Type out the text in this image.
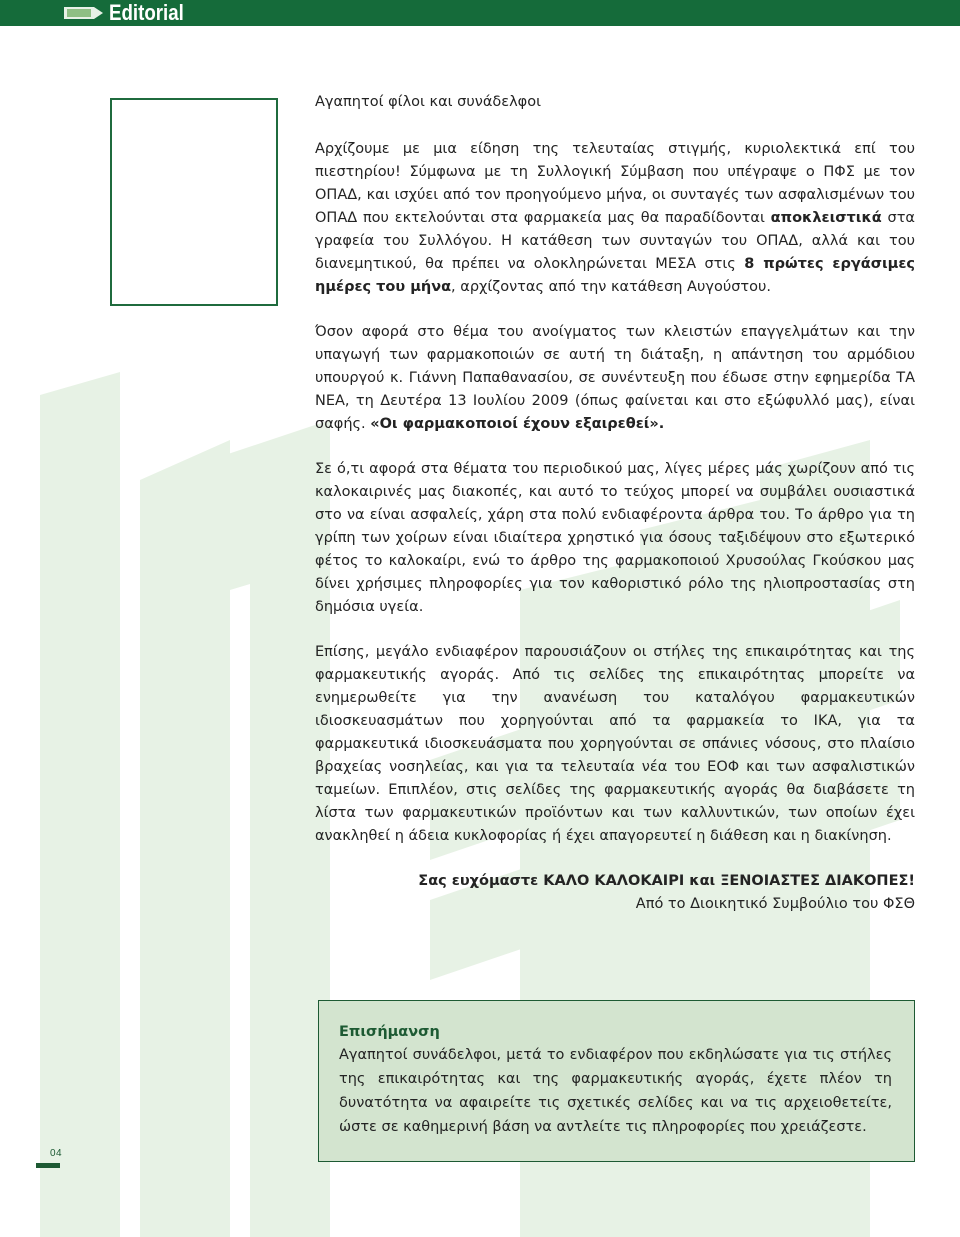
Editorial

Αγαπητοί φίλοι και συνάδελφοι

Αρχίζουμε με μια είδηση της τελευταίας στιγμής, κυριολεκτικά επί του πιεστηρίου! Σύμφωνα με τη Συλλογική Σύμβαση που υπέγραψε ο ΠΦΣ με τον ΟΠΑΔ, και ισχύει από τον προηγούμενο μήνα, οι συνταγές των ασφαλισμένων του ΟΠΑΔ που εκτελούνται στα φαρμακεία μας θα παραδίδονται αποκλειστικά στα γραφεία του Συλλόγου. Η κατάθεση των συνταγών του ΟΠΑΔ, αλλά και του διανεμητικού, θα πρέπει να ολοκληρώνεται ΜΕΣΑ στις 8 πρώτες εργάσιμες ημέρες του μήνα, αρχίζοντας από την κατάθεση Αυγούστου.

Όσον αφορά στο θέμα του ανοίγματος των κλειστών επαγγελμάτων και την υπαγωγή των φαρμακοποιών σε αυτή τη διάταξη, η απάντηση του αρμόδιου υπουργού κ. Γιάννη Παπαθανασίου, σε συνέντευξη που έδωσε στην εφημερίδα ΤΑ ΝΕΑ, τη Δευτέρα 13 Ιουλίου 2009 (όπως φαίνεται και στο εξώφυλλό μας), είναι σαφής. «Οι φαρμακοποιοί έχουν εξαιρεθεί».

Σε ό,τι αφορά στα θέματα του περιοδικού μας, λίγες μέρες μάς χωρίζουν από τις καλοκαιρινές μας διακοπές, και αυτό το τεύχος μπορεί να συμβάλει ουσιαστικά στο να είναι ασφαλείς, χάρη στα πολύ ενδιαφέροντα άρθρα του. Το άρθρο για τη γρίπη των χοίρων είναι ιδιαίτερα χρηστικό για όσους ταξιδέψουν στο εξωτερικό φέτος το καλοκαίρι, ενώ το άρθρο της φαρμακοποιού Χρυσούλας Γκούσκου μας δίνει χρήσιμες πληροφορίες για τον καθοριστικό ρόλο της ηλιοπροστασίας στη δημόσια υγεία.

Επίσης, μεγάλο ενδιαφέρον παρουσιάζουν οι στήλες της επικαιρότητας και της φαρμακευτικής αγοράς. Από τις σελίδες της επικαιρότητας μπορείτε να ενημερωθείτε για την ανανέωση του καταλόγου φαρμακευτικών ιδιοσκευασμάτων που χορηγούνται από τα φαρμακεία το ΙΚΑ, για τα φαρμακευτικά ιδιοσκευάσματα που χορηγούνται σε σπάνιες νόσους, στο πλαίσιο βραχείας νοσηλείας, και για τα τελευταία νέα του ΕΟΦ και των ασφαλιστικών ταμείων. Επιπλέον, στις σελίδες της φαρμακευτικής αγοράς θα διαβάσετε τη λίστα των φαρμακευτικών προϊόντων και των καλλυντικών, των οποίων έχει ανακληθεί η άδεια κυκλοφορίας ή έχει απαγορευτεί η διάθεση και η διακίνηση.

Σας ευχόμαστε ΚΑΛΟ ΚΑΛΟΚΑΙΡΙ και ΞΕΝΟΙΑΣΤΕΣ ΔΙΑΚΟΠΕΣ!
Από το Διοικητικό Συμβούλιο του ΦΣΘ

Επισήμανση

Αγαπητοί συνάδελφοι, μετά το ενδιαφέρον που εκδηλώσατε για τις στήλες της επικαιρότητας και της φαρμακευτικής αγοράς, έχετε πλέον τη δυνατότητα να αφαιρείτε τις σχετικές σελίδες και να τις αρχειοθετείτε, ώστε σε καθημερινή βάση να αντλείτε τις πληροφορίες που χρειάζεστε.

04
